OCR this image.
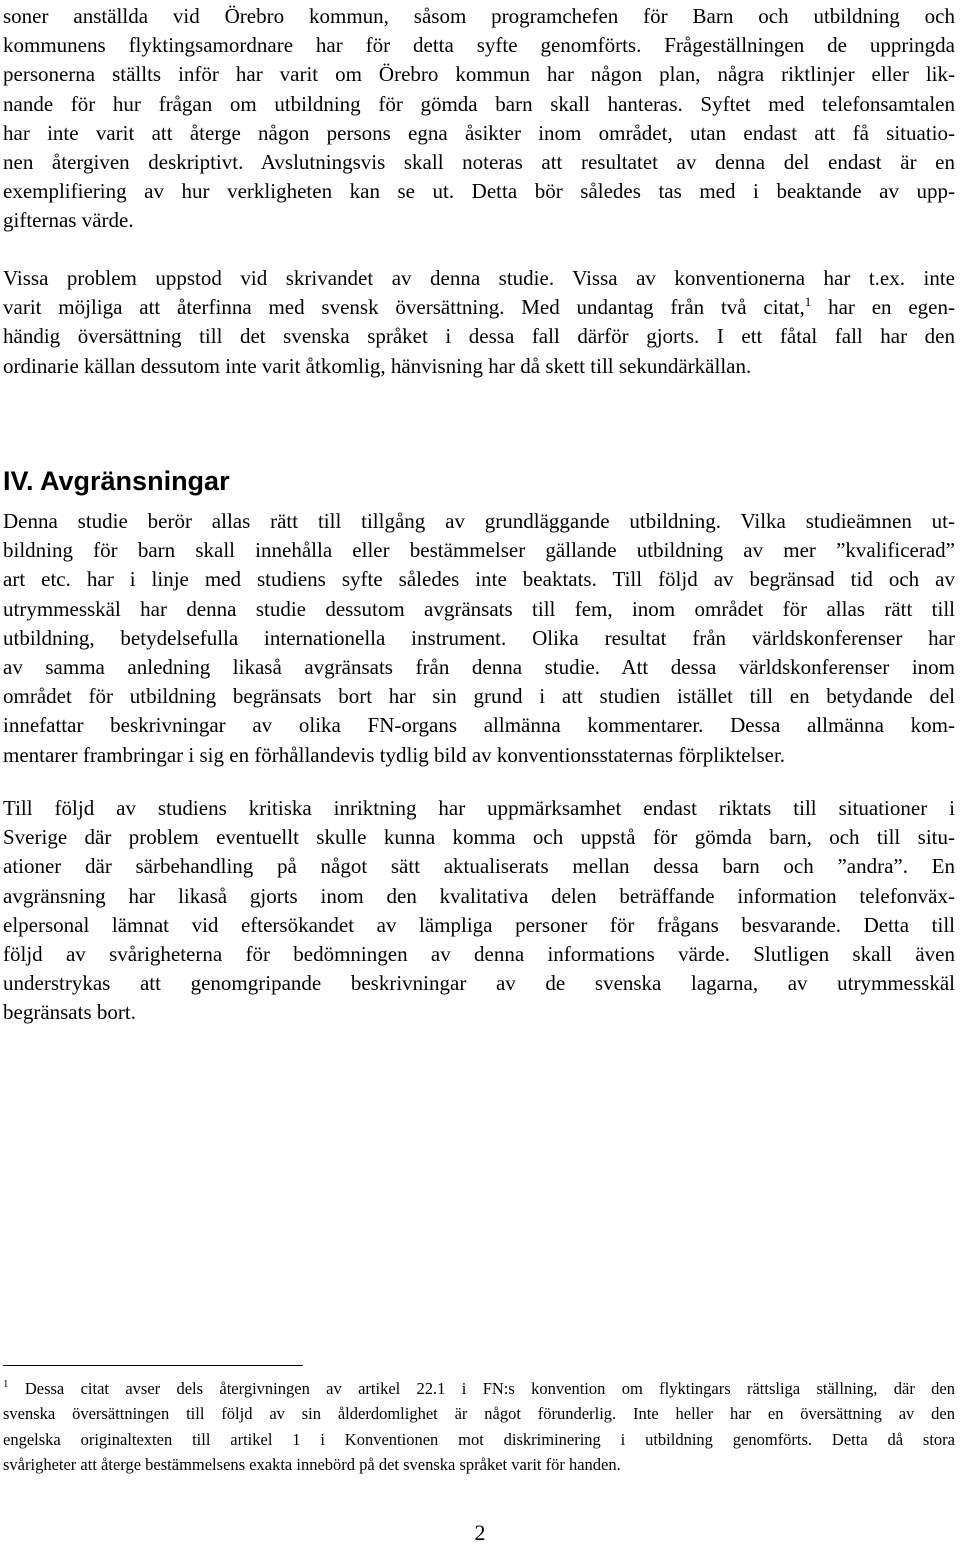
soner anställda vid Örebro kommun, såsom programchefen för Barn och utbildning och
kommunens flyktingsamordnare har för detta syfte genomförts. Frågeställningen de uppringda
personerna ställts inför har varit om Örebro kommun har någon plan, några riktlinjer eller lik-
nande för hur frågan om utbildning för gömda barn skall hanteras. Syftet med telefonsamtalen
har inte varit att återge någon persons egna åsikter inom området, utan endast att få situatio-
nen återgiven deskriptivt. Avslutningsvis skall noteras att resultatet av denna del endast är en
exemplifiering av hur verkligheten kan se ut. Detta bör således tas med i beaktande av upp-
gifternas värde.
Vissa problem uppstod vid skrivandet av denna studie. Vissa av konventionerna har t.ex. inte
varit möjliga att återfinna med svensk översättning. Med undantag från två citat,$^1$ har en egen-
händig översättning till det svenska språket i dessa fall därför gjorts. I ett fåtal fall har den
ordinarie källan dessutom inte varit åtkomlig, hänvisning har då skett till sekundärkällan.
IV. Avgränsningar
Denna studie berör allas rätt till tillgång av grundläggande utbildning. Vilka studieämnen ut-
bildning för barn skall innehålla eller bestämmelser gällande utbildning av mer ”kvalificerad”
art etc. har i linje med studiens syfte således inte beaktats. Till följd av begränsad tid och av
utrymmesskäl har denna studie dessutom avgränsats till fem, inom området för allas rätt till
utbildning, betydelsefulla internationella instrument. Olika resultat från världskonferenser har
av samma anledning likaså avgränsats från denna studie. Att dessa världskonferenser inom
området för utbildning begränsats bort har sin grund i att studien istället till en betydande del
innefattar beskrivningar av olika FN-organs allmänna kommentarer. Dessa allmänna kom-
mentarer frambringar i sig en förhållandevis tydlig bild av konventionsstaternas förpliktelser.
Till följd av studiens kritiska inriktning har uppmärksamhet endast riktats till situationer i
Sverige där problem eventuellt skulle kunna komma och uppstå för gömda barn, och till situ-
ationer där särbehandling på något sätt aktualiserats mellan dessa barn och ”andra”. En
avgränsning har likaså gjorts inom den kvalitativa delen beträffande information telefonväx-
elpersonal lämnat vid eftersökandet av lämpliga personer för frågans besvarande. Detta till
följd av svårigheterna för bedömningen av denna informations värde. Slutligen skall även
understrykas att genomgripande beskrivningar av de svenska lagarna, av utrymmesskäl
begränsats bort.
$^1$ Dessa citat avser dels återgivningen av artikel 22.1 i FN:s konvention om flyktingars rättsliga ställning, där den
svenska översättningen till följd av sin ålderdomlighet är något förunderlig. Inte heller har en översättning av den
engelska originaltexten till artikel 1 i Konventionen mot diskriminering i utbildning genomförts. Detta då stora
svårigheter att återge bestämmelsens exakta innebörd på det svenska språket varit för handen.
2
